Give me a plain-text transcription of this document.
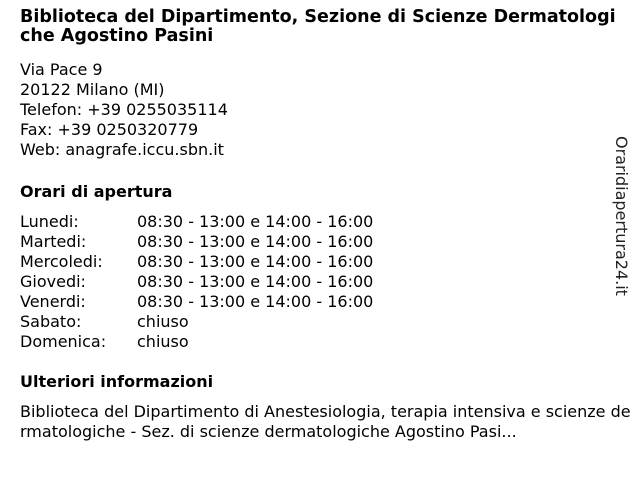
Biblioteca del Dipartimento, Sezione di Scienze Dermatologiche Agostino Pasini
Via Pace 9
20122 Milano (MI)
Telefon: +39 0255035114
Fax: +39 0250320779
Web: anagrafe.iccu.sbn.it
Orari di apertura
Lunedi:	08:30 - 13:00 e 14:00 - 16:00
Martedi:	08:30 - 13:00 e 14:00 - 16:00
Mercoledi:	08:30 - 13:00 e 14:00 - 16:00
Giovedi:	08:30 - 13:00 e 14:00 - 16:00
Venerdi:	08:30 - 13:00 e 14:00 - 16:00
Sabato:	chiuso
Domenica:	chiuso
Ulteriori informazioni
Biblioteca del Dipartimento di Anestesiologia, terapia intensiva e scienze dermatologiche - Sez. di scienze dermatologiche Agostino Pasi...
Oraridiapertura24.it
